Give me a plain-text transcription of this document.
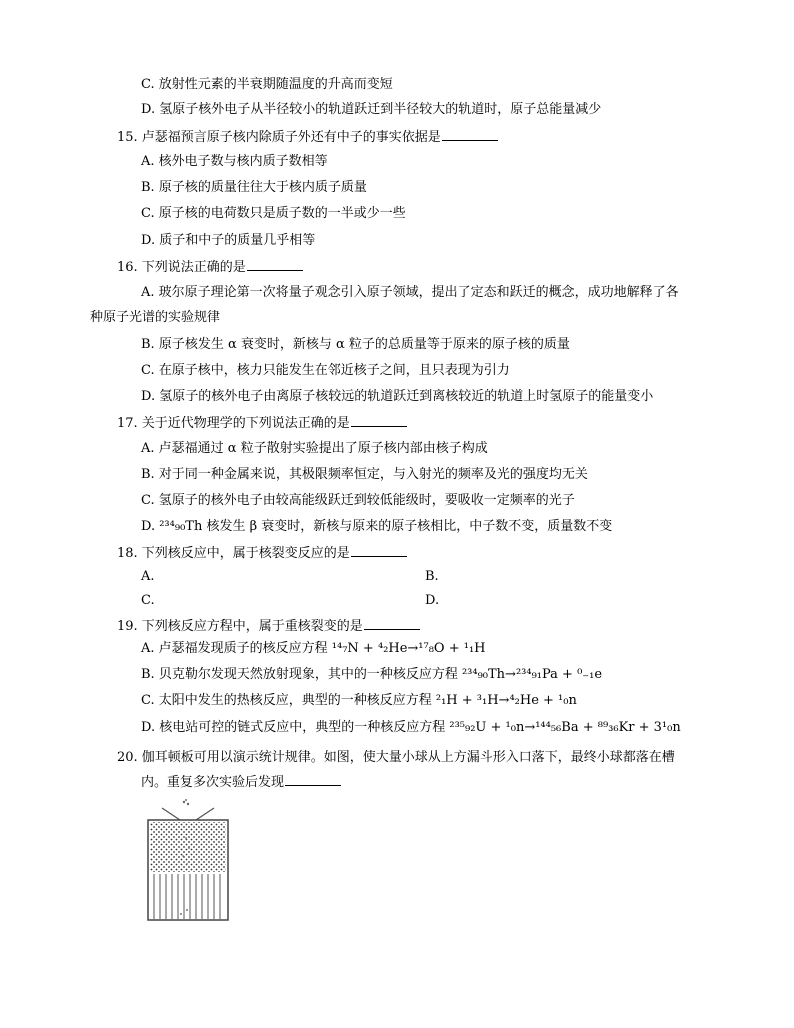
C. 放射性元素的半衰期随温度的升高而变短
D. 氢原子核外电子从半径较小的轨道跃迁到半径较大的轨道时，原子总能量减少
15. 卢瑟福预言原子核内除质子外还有中子的事实依据是
A. 核外电子数与核内质子数相等
B. 原子核的质量往往大于核内质子质量
C. 原子核的电荷数只是质子数的一半或少一些
D. 质子和中子的质量几乎相等
16. 下列说法正确的是
A. 玻尔原子理论第一次将量子观念引入原子领域，提出了定态和跃迁的概念，成功地解释了各
种原子光谱的实验规律
B. 原子核发生 α 衰变时，新核与 α 粒子的总质量等于原来的原子核的质量
C. 在原子核中，核力只能发生在邻近核子之间，且只表现为引力
D. 氢原子的核外电子由离原子核较远的轨道跃迁到离核较近的轨道上时氢原子的能量变小
17. 关于近代物理学的下列说法正确的是
A. 卢瑟福通过 α 粒子散射实验提出了原子核内部由核子构成
B. 对于同一种金属来说，其极限频率恒定，与入射光的频率及光的强度均无关
C. 氢原子的核外电子由较高能级跃迁到较低能级时，要吸收一定频率的光子
D. ²³⁴₉₀Th 核发生 β 衰变时，新核与原来的原子核相比，中子数不变，质量数不变
18. 下列核反应中，属于核裂变反应的是
A.	B.
C.	D.
19. 下列核反应方程中，属于重核裂变的是
A. 卢瑟福发现质子的核反应方程 ¹⁴₇N + ⁴₂He→¹⁷₈O + ¹₁H
B. 贝克勒尔发现天然放射现象，其中的一种核反应方程 ²³⁴₉₀Th→²³⁴₉₁Pa + ⁰₋₁e
C. 太阳中发生的热核反应，典型的一种核反应方程 ²₁H + ³₁H→⁴₂He + ¹₀n
D. 核电站可控的链式反应中，典型的一种核反应方程 ²³⁵₉₂U + ¹₀n→¹⁴⁴₅₆Ba + ⁸⁹₃₆Kr + 3¹₀n
20. 伽耳顿板可用以演示统计规律。如图，使大量小球从上方漏斗形入口落下，最终小球都落在槽
内。重复多次实验后发现
